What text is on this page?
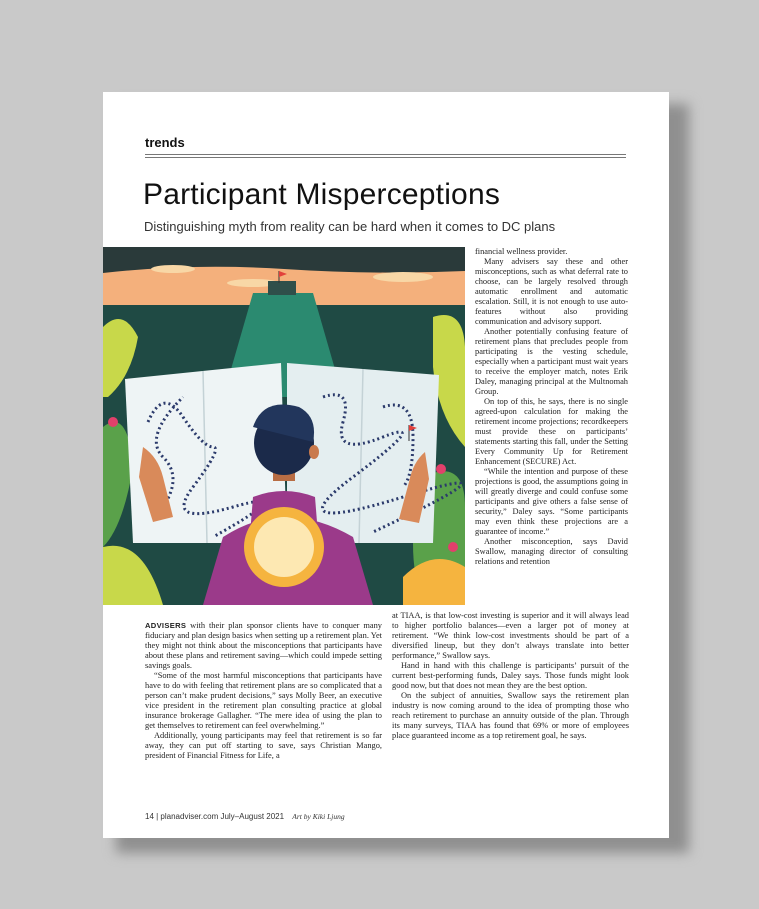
trends
Participant Misperceptions
Distinguishing myth from reality can be hard when it comes to DC plans

financial wellness provider.

Many advisers say these and other misconceptions, such as what deferral rate to choose, can be largely resolved through automatic enrollment and automatic escalation. Still, it is not enough to use auto-features without also providing communication and advisory support.

Another potentially confusing feature of retirement plans that precludes people from participating is the vesting schedule, especially when a participant must wait years to receive the employer match, notes Erik Daley, managing principal at the Multnomah Group.

On top of this, he says, there is no single agreed-upon calculation for making the retirement income projections; recordkeepers must provide these on participants’ statements starting this fall, under the Setting Every Community Up for Retirement Enhancement (SECURE) Act.

“While the intention and purpose of these projections is good, the assumptions going in will greatly diverge and could confuse some participants and give others a false sense of security,” Daley says. “Some participants may even think these projections are a guarantee of income.”

Another misconception, says David Swallow, managing director of consulting relations and retention

ADVISERS with their plan sponsor clients have to conquer many fiduciary and plan design basics when setting up a retirement plan. Yet they might not think about the misconceptions that participants have about these plans and retirement saving—which could impede setting savings goals.

“Some of the most harmful misconceptions that participants have have to do with feeling that retirement plans are so complicated that a person can’t make prudent decisions,” says Molly Beer, an executive vice president in the retirement plan consulting practice at global insurance brokerage Gallagher. “The mere idea of using the plan to get themselves to retirement can feel overwhelming.”

Additionally, young participants may feel that retirement is so far away, they can put off starting to save, says Christian Mango, president of Financial Fitness for Life, a

at TIAA, is that low-cost investing is superior and it will always lead to higher portfolio balances—even a larger pot of money at retirement. “We think low-cost investments should be part of a diversified lineup, but they don’t always translate into better performance,” Swallow says.

Hand in hand with this challenge is participants’ pursuit of the current best-performing funds, Daley says. Those funds might look good now, but that does not mean they are the best option.

On the subject of annuities, Swallow says the retirement plan industry is now coming around to the idea of prompting those who reach retirement to purchase an annuity outside of the plan. Through its many surveys, TIAA has found that 69% or more of employees place guaranteed income as a top retirement goal, he says.

14 | planadviser.com July–August 2021 Art by Kiki Ljung
